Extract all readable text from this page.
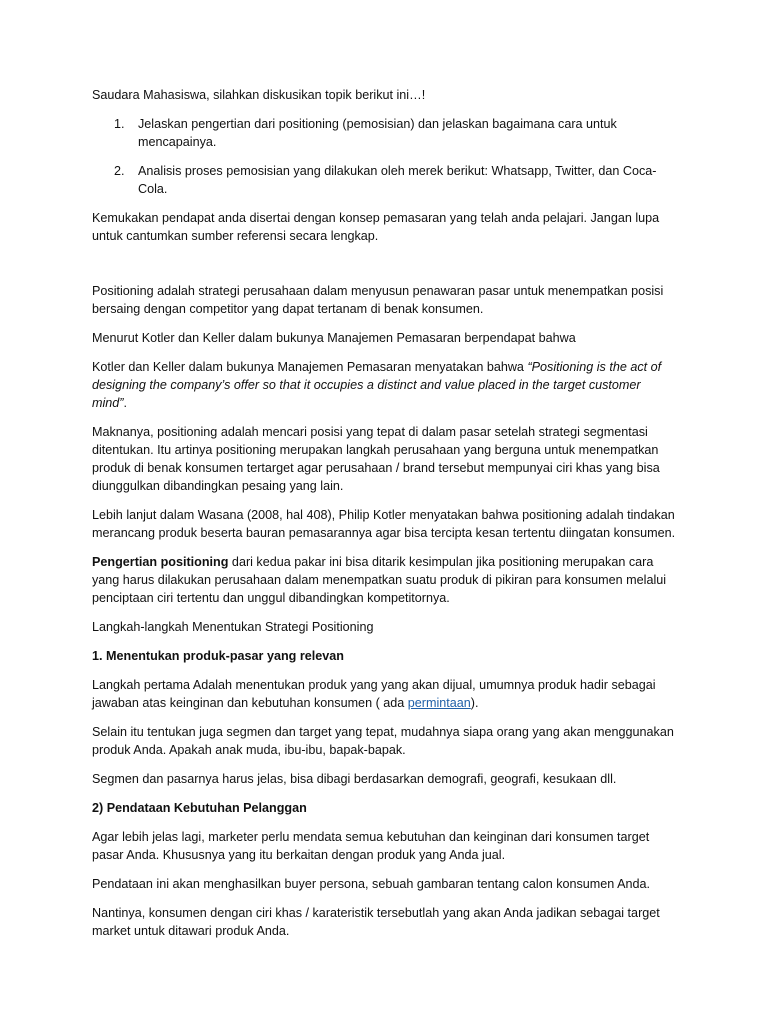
Saudara Mahasiswa, silahkan diskusikan topik berikut ini…!

1. Jelaskan pengertian dari positioning (pemosisian) dan jelaskan bagaimana cara untuk mencapainya.
2. Analisis proses pemosisian yang dilakukan oleh merek berikut: Whatsapp, Twitter, dan Coca-Cola.

Kemukakan pendapat anda disertai dengan konsep pemasaran yang telah anda pelajari. Jangan lupa untuk cantumkan sumber referensi secara lengkap.

Positioning adalah strategi perusahaan dalam menyusun penawaran pasar untuk menempatkan posisi bersaing dengan competitor yang dapat tertanam di benak konsumen.

Menurut Kotler dan Keller dalam bukunya Manajemen Pemasaran berpendapat bahwa

Kotler dan Keller dalam bukunya Manajemen Pemasaran menyatakan bahwa “Positioning is the act of designing the company’s offer so that it occupies a distinct and value placed in the target customer mind”.

Maknanya, positioning adalah mencari posisi yang tepat di dalam pasar setelah strategi segmentasi ditentukan. Itu artinya positioning merupakan langkah perusahaan yang berguna untuk menempatkan produk di benak konsumen tertarget agar perusahaan / brand tersebut mempunyai ciri khas yang bisa diunggulkan dibandingkan pesaing yang lain.

Lebih lanjut dalam Wasana (2008, hal 408), Philip Kotler menyatakan bahwa positioning adalah tindakan merancang produk beserta bauran pemasarannya agar bisa tercipta kesan tertentu diingatan konsumen.

Pengertian positioning dari kedua pakar ini bisa ditarik kesimpulan jika positioning merupakan cara yang harus dilakukan perusahaan dalam menempatkan suatu produk di pikiran para konsumen melalui penciptaan ciri tertentu dan unggul dibandingkan kompetitornya.

Langkah-langkah Menentukan Strategi Positioning

1. Menentukan produk-pasar yang relevan

Langkah pertama Adalah menentukan produk yang yang akan dijual, umumnya produk hadir sebagai jawaban atas keinginan dan kebutuhan konsumen ( ada permintaan).

Selain itu tentukan juga segmen dan target yang tepat, mudahnya siapa orang yang akan menggunakan produk Anda. Apakah anak muda, ibu-ibu, bapak-bapak.

Segmen dan pasarnya harus jelas, bisa dibagi berdasarkan demografi, geografi, kesukaan dll.

2) Pendataan Kebutuhan Pelanggan

Agar lebih jelas lagi, marketer perlu mendata semua kebutuhan dan keinginan dari konsumen target pasar Anda. Khususnya yang itu berkaitan dengan produk yang Anda jual.

Pendataan ini akan menghasilkan buyer persona, sebuah gambaran tentang calon konsumen Anda.

Nantinya, konsumen dengan ciri khas / karateristik tersebutlah yang akan Anda jadikan sebagai target market untuk ditawari produk Anda.
